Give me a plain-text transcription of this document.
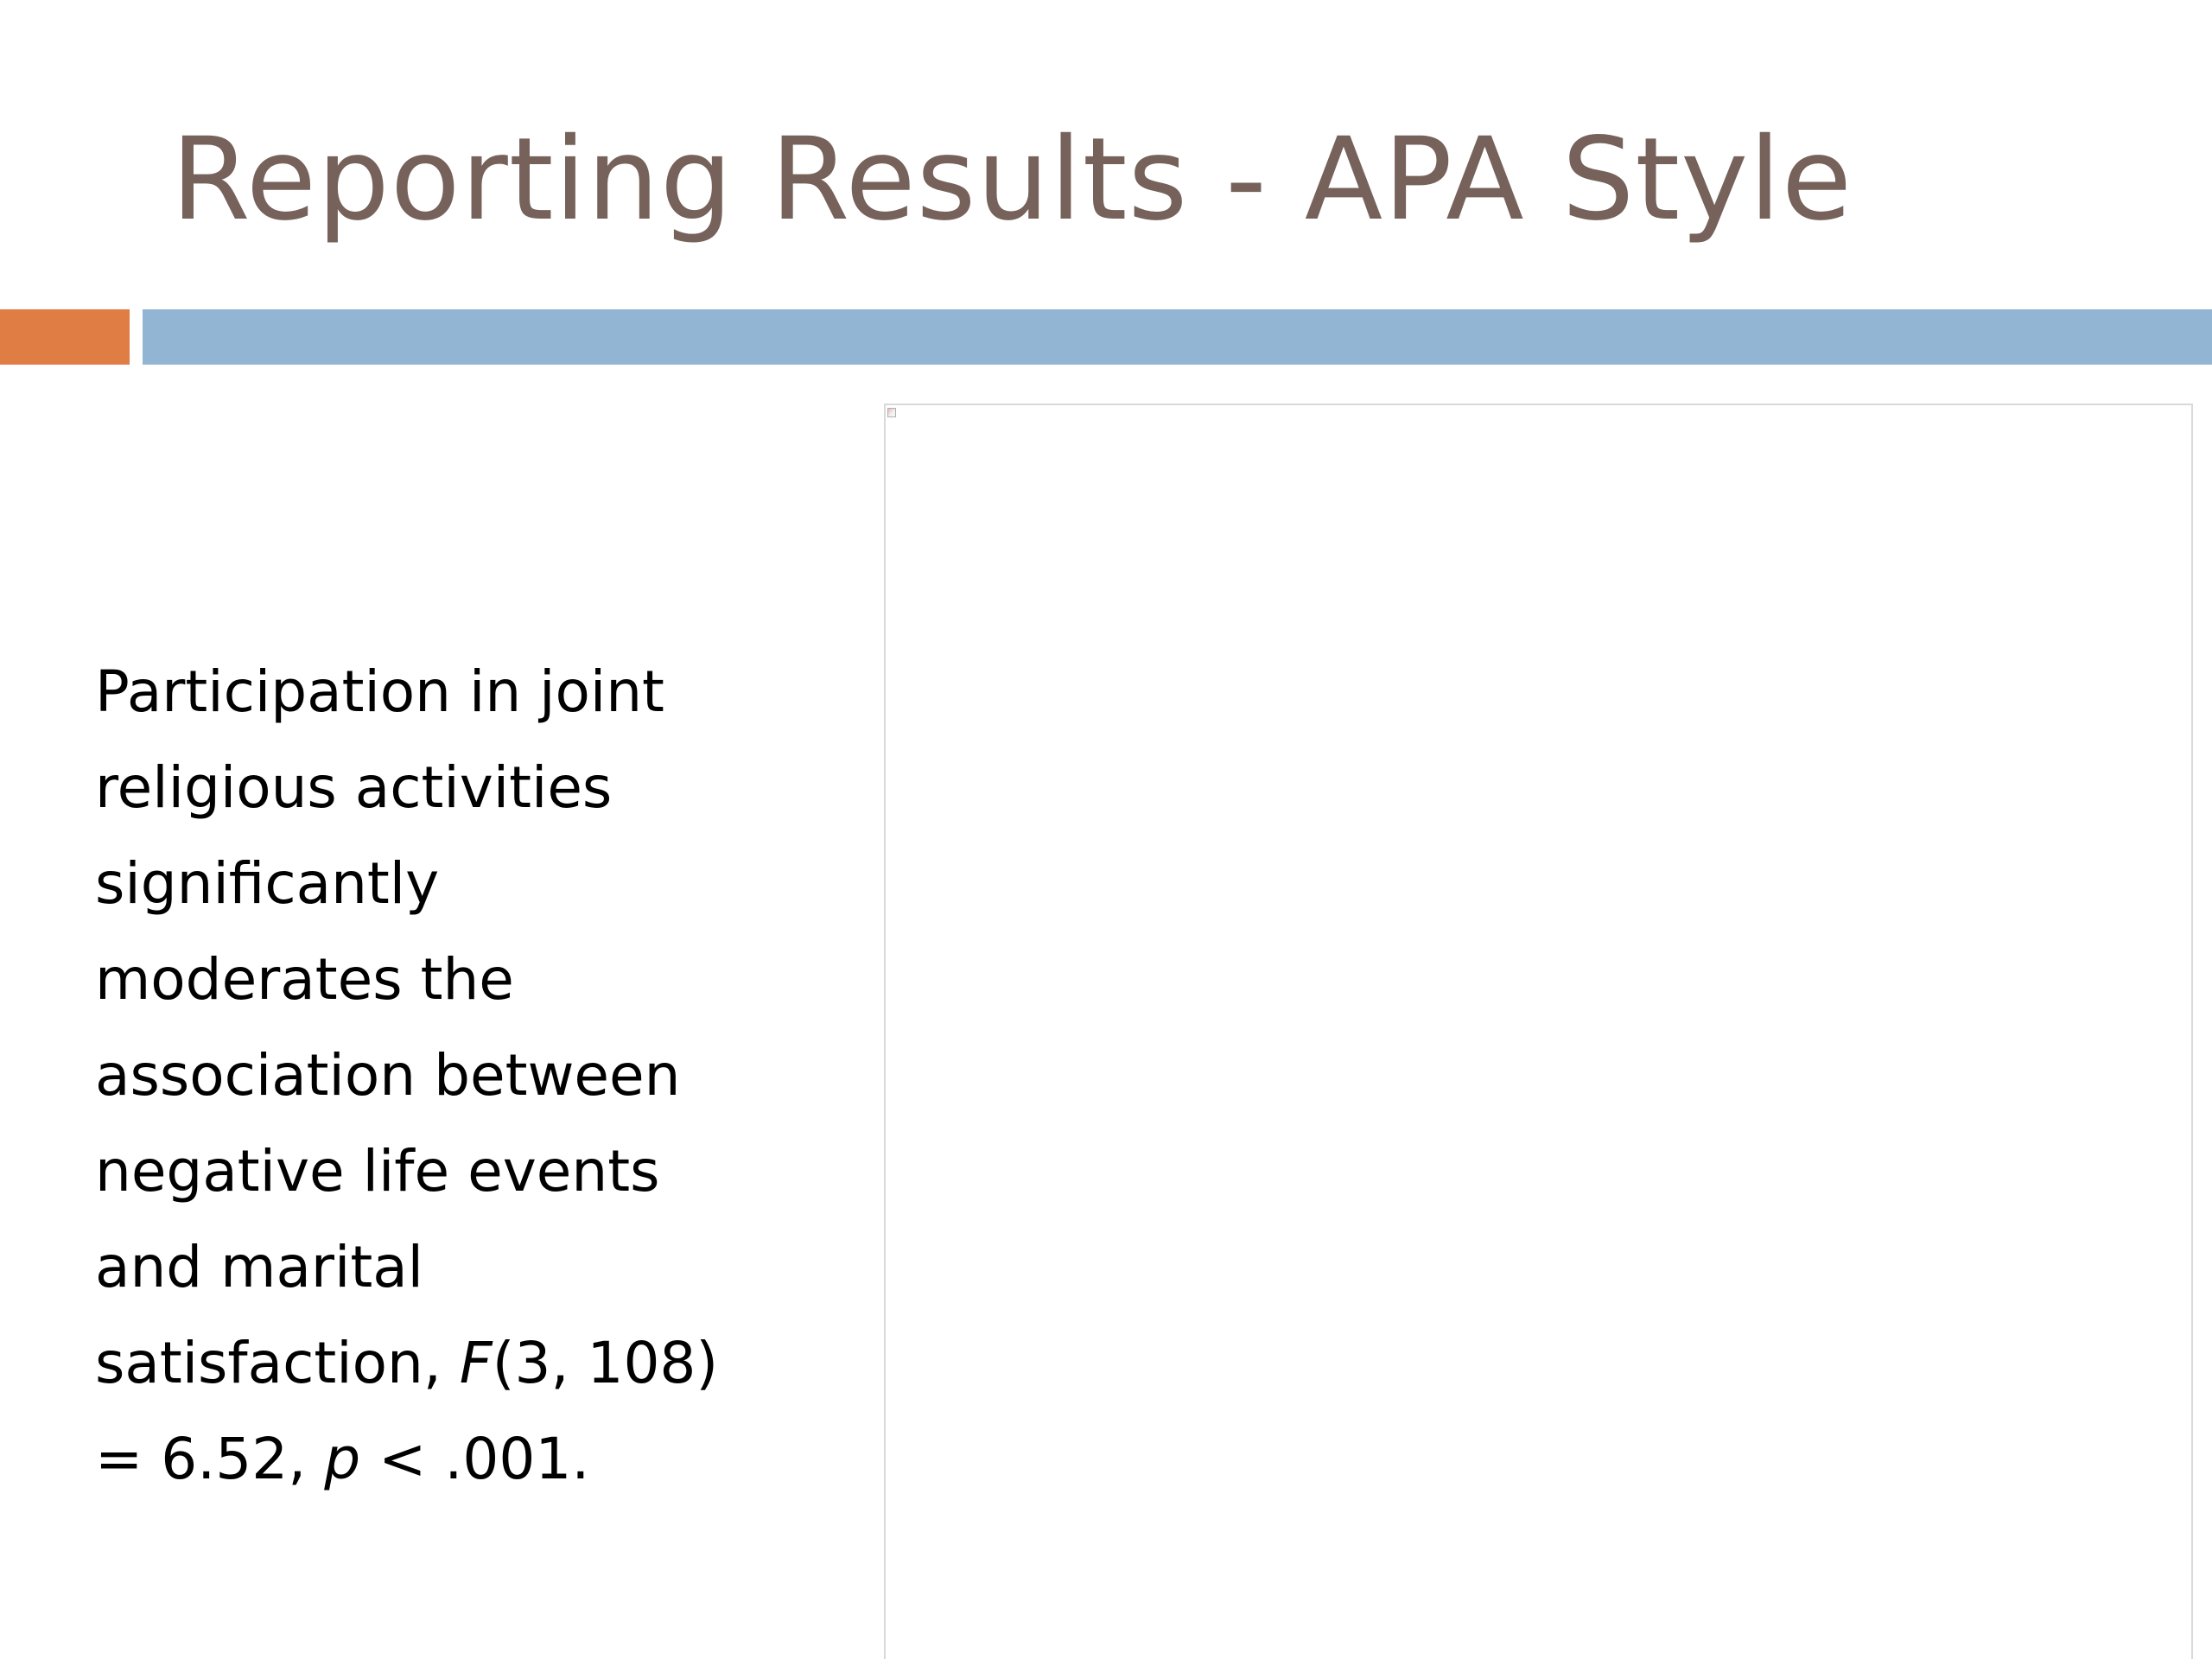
Reporting Results - APA Style

Participation in joint
religious activities
significantly
moderates the
association between
negative life events
and marital
satisfaction, F(3, 108)
= 6.52, p < .001.
